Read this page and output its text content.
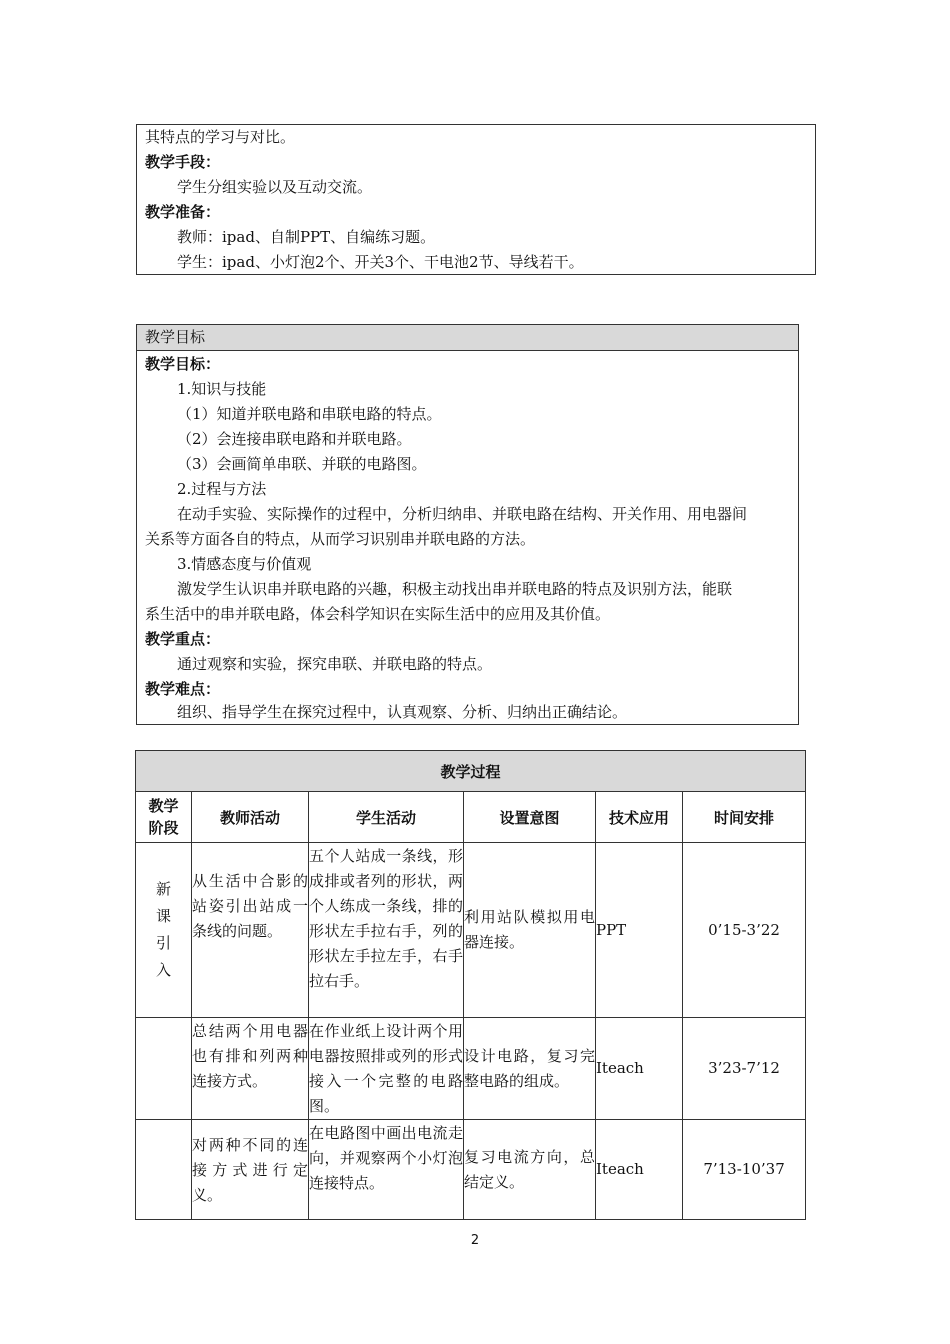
其特点的学习与对比。
教学手段：
学生分组实验以及互动交流。
教学准备：
教师：ipad、自制PPT、自编练习题。
学生：ipad、小灯泡2个、开关3个、干电池2节、导线若干。
教学目标
教学目标：
1.知识与技能
（1）知道并联电路和串联电路的特点。
（2）会连接串联电路和并联电路。
（3）会画简单串联、并联的电路图。
2.过程与方法
在动手实验、实际操作的过程中，分析归纳串、并联电路在结构、开关作用、用电器间
关系等方面各自的特点，从而学习识别串并联电路的方法。
3.情感态度与价值观
激发学生认识串并联电路的兴趣，积极主动找出串并联电路的特点及识别方法，能联
系生活中的串并联电路，体会科学知识在实际生活中的应用及其价值。
教学重点：
通过观察和实验，探究串联、并联电路的特点。
教学难点：
组织、指导学生在探究过程中，认真观察、分析、归纳出正确结论。
教学过程					
教学阶段	教师活动	学生活动	设置意图	技术应用	时间安排

新课引入	从生活中合影的站姿引出站成一条线的问题。	五个人站成一条线，形成排或者列的形状，两个人练成一条线，排的形状左手拉右手，列的形状左手拉左手，右手拉右手。	利用站队模拟用电器连接。	PPT	0’15-3’22
	总结两个用电器也有排和列两种连接方式。	在作业纸上设计两个用电器按照排或列的形式接入一个完整的电路图。	设计电路，复习完整电路的组成。	Iteach	3’23-7’12
	对两种不同的连接方式进行定义。	在电路图中画出电流走向，并观察两个小灯泡连接特点。	复习电流方向，总结定义。	Iteach	7’13-10’37
2
